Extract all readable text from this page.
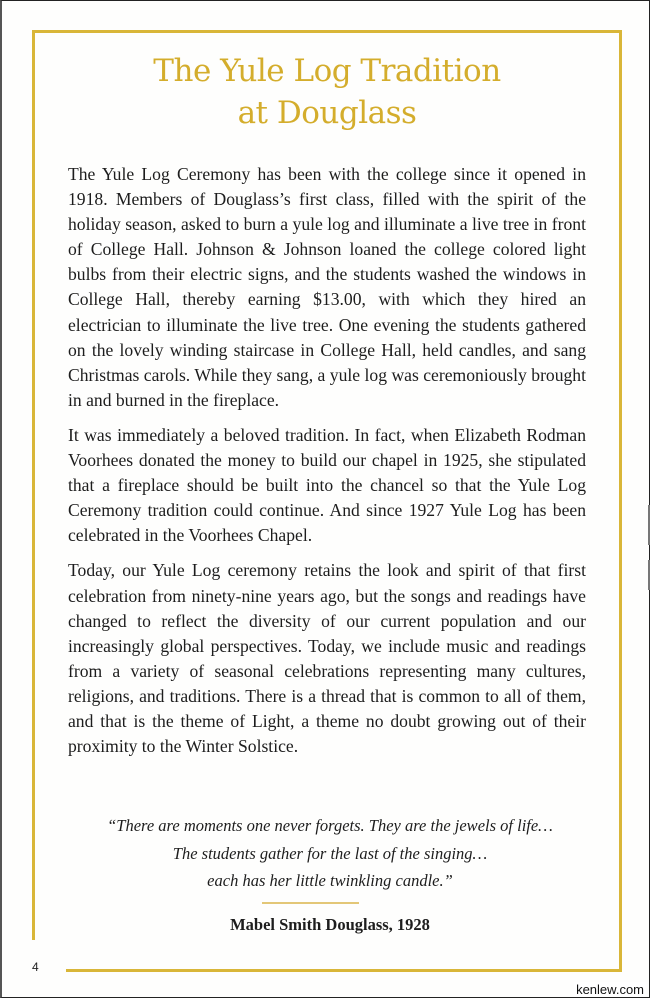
The Yule Log Tradition
at Douglass

The Yule Log Ceremony has been with the college since it opened in 1918. Members of Douglass’s first class, filled with the spirit of the holiday season, asked to burn a yule log and illuminate a live tree in front of College Hall. Johnson & Johnson loaned the college colored light bulbs from their electric signs, and the students washed the windows in College Hall, thereby earning $13.00, with which they hired an electrician to illuminate the live tree. One evening the students gathered on the lovely winding staircase in College Hall, held candles, and sang Christmas carols. While they sang, a yule log was ceremoniously brought in and burned in the fireplace.

It was immediately a beloved tradition. In fact, when Elizabeth Rodman Voorhees donated the money to build our chapel in 1925, she stipulated that a fireplace should be built into the chancel so that the Yule Log Ceremony tradition could continue. And since 1927 Yule Log has been celebrated in the Voorhees Chapel.

Today, our Yule Log ceremony retains the look and spirit of that first celebration from ninety-nine years ago, but the songs and readings have changed to reflect the diversity of our current population and our increasingly global perspectives. Today, we include music and readings from a variety of seasonal celebrations representing many cultures, religions, and traditions. There is a thread that is common to all of them, and that is the theme of Light, a theme no doubt growing out of their proximity to the Winter Solstice.

“There are moments one never forgets. They are the jewels of life…
The students gather for the last of the singing…
each has her little twinkling candle.”
Mabel Smith Douglass, 1928
4
kenlew.com
